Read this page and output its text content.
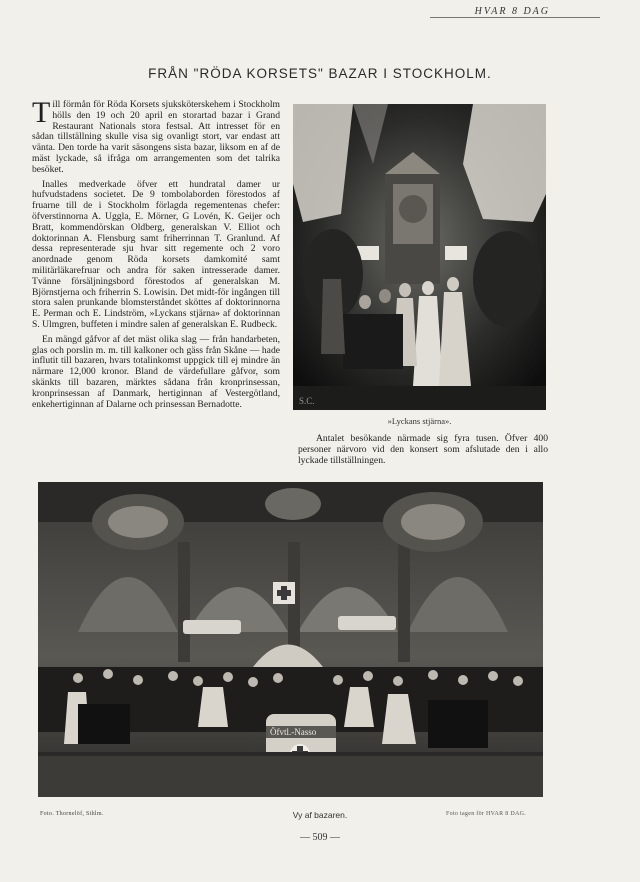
HVAR 8 DAG
FRÅN "RÖDA KORSETS" BAZAR I STOCKHOLM.

Till förmån för Röda Korsets sjuksköterskehem i Stockholm hölls den 19 och 20 april en storartad bazar i Grand Restaurant Nationals stora festsal. Att intresset för en sådan tillställning skulle visa sig ovanligt stort, var endast att vänta. Den torde ha varit säsongens sista bazar, liksom en af de mäst lyckade, så ifråga om arrangementen som det talrika besöket.

Inalles medverkade öfver ett hundratal damer ur hufvudstadens societet. De 9 tombolaborden förestodos af fruarne till de i Stockholm förlagda regementenas chefer: öfverstinnorna A. Uggla, E. Mörner, G Lovén, K. Geijer och Bratt, kommendörskan Oldberg, generalskan V. Elliot och doktorinnan A. Flensburg samt friherrinnan T. Granlund. Af dessa representerade sju hvar sitt regemente och 2 voro anordnade genom Röda korsets damkomité samt militärläkarefruar och andra för saken intresserade damer. Tvänne försäljningsbord förestodos af generalskan M. Björnstjerna och friherrin S. Lowisin. Det midt-för ingången till stora salen prunkande blomsterståndet sköttes af doktorinnorna E. Perman och E. Lindström, »Lyckans stjärna» af doktorinnan S. Ulmgren, buffeten i mindre salen af generalskan E. Rudbeck.

En mängd gåfvor af det mäst olika slag — från handarbeten, glas och porslin m. m. till kalkoner och gäss från Skåne — hade influtit till bazaren, hvars totalinkomst uppgick till ej mindre än närmare 12,000 kronor. Bland de värdefullare gåfvor, som skänkts till bazaren, märktes sådana från kronprinsessan, kronprinsessan af Danmark, hertiginnan af Vestergötland, enkehertiginnan af Dalarne och prinsessan Bernadotte.	S.C.
»Lyckans stjärna».

Antalet besökande närmade sig fyra tusen. Öfver 400 personer närvoro vid den konsert som afslutade den i allo lyckade tillställningen.

Öfvtl.-Nasso
Foto. Thornelöf, Sthlm.	Vy af bazaren.	Foto tagen för HVAR 8 DAG.
— 509 —
